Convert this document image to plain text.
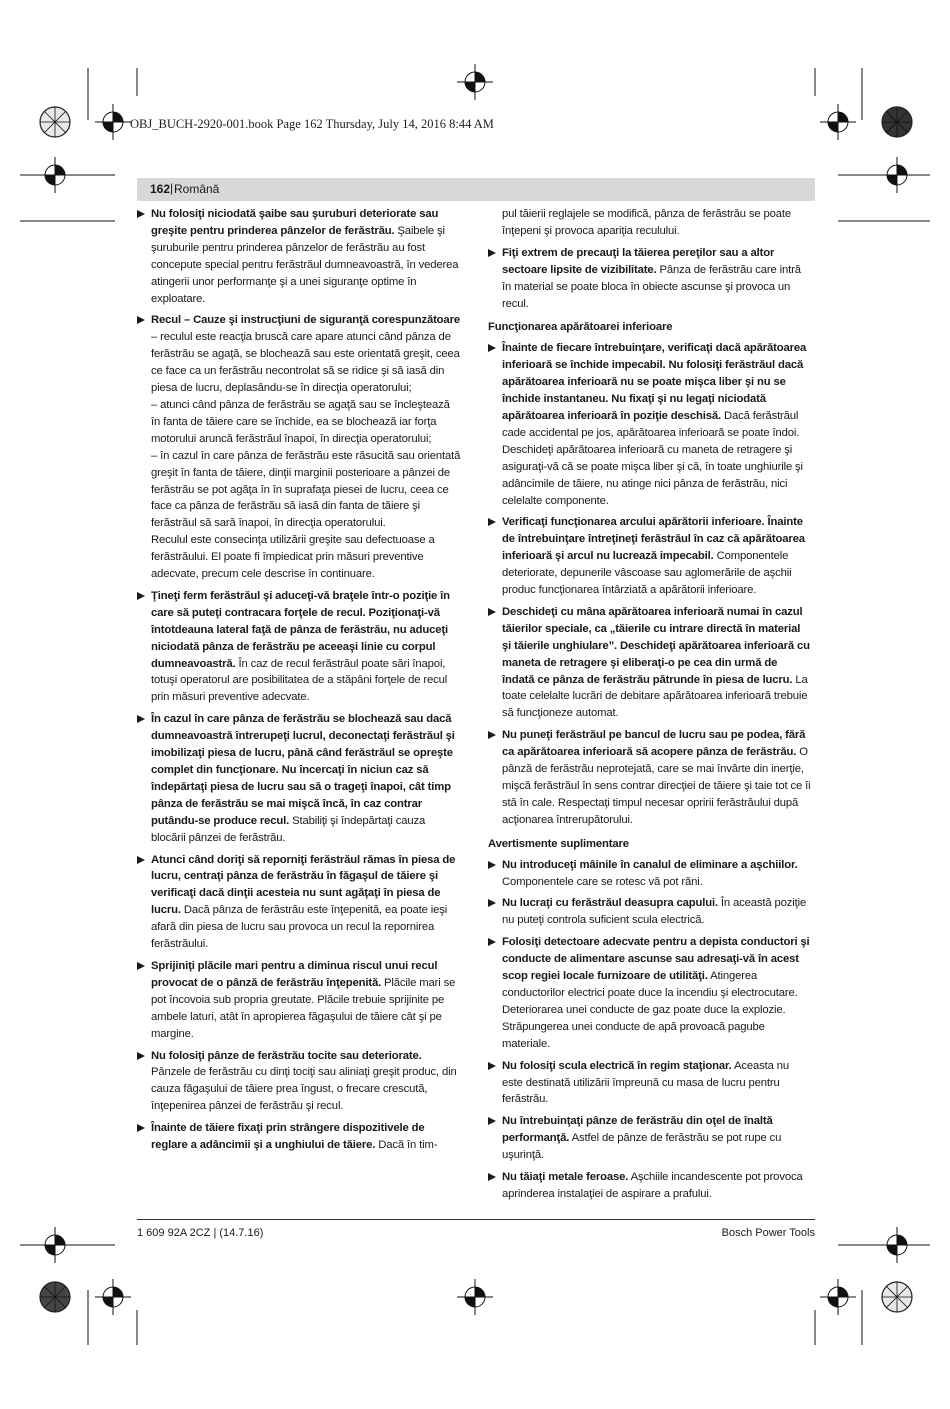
OBJ_BUCH-2920-001.book Page 162 Thursday, July 14, 2016 8:44 AM
162 | Română

Nu folosiţi niciodată şaibe sau şuruburi deteriorate sau greşite pentru prinderea pânzelor de ferăstrău. Şaibele şi şuruburile pentru prinderea pânzelor de ferăstrău au fost concepute special pentru ferăstrăul dumneavoastră, în vederea atingerii unor performanţe şi a unei siguranţe optime în exploatare.

Recul – Cauze şi instrucţiuni de siguranţă corespunzătoare

– reculul este reacţia bruscă care apare atunci când pânza de ferăstrău se agaţă, se blochează sau este orientată greşit, ceea ce face ca un ferăstrău necontrolat să se ridice şi să iasă din piesa de lucru, deplasându-se în direcţia operatorului;

– atunci când pânza de ferăstrău se agaţă sau se încleştează în fanta de tăiere care se închide, ea se blochează iar forţa motorului aruncă ferăstrăul înapoi, în direcţia operatorului;

– în cazul în care pânza de ferăstrău este răsucită sau orientată greşit în fanta de tăiere, dinţii marginii posterioare a pânzei de ferăstrău se pot agăţa în în suprafaţa piesei de lucru, ceea ce face ca pânza de ferăstrău să iasă din fanta de tăiere şi ferăstrăul să sară înapoi, în direcţia operatorului.

Reculul este consecinţa utilizării greşite sau defectuoase a ferăstrăului. El poate fi împiedicat prin măsuri preventive adecvate, precum cele descrise în continuare.

Ţineţi ferm ferăstrăul şi aduceţi-vă braţele într-o poziţie în care să puteţi contracara forţele de recul. Poziţionaţi-vă întotdeauna lateral faţă de pânza de ferăstrău, nu aduceţi niciodată pânza de ferăstrău pe aceeaşi linie cu corpul dumneavoastră. În caz de recul ferăstrăul poate sări înapoi, totuşi operatorul are posibilitatea de a stăpâni forţele de recul prin măsuri preventive adecvate.

În cazul în care pânza de ferăstrău se blochează sau dacă dumneavoastră întrerupeţi lucrul, deconectaţi ferăstrăul şi imobilizaţi piesa de lucru, până când ferăstrăul se opreşte complet din funcţionare. Nu încercaţi în niciun caz să îndepărtaţi piesa de lucru sau să o trageţi înapoi, cât timp pânza de ferăstrău se mai mişcă încă, în caz contrar putându-se produce recul. Stabiliţi şi îndepărtaţi cauza blocării pânzei de ferăstrău.

Atunci când doriţi să reporniţi ferăstrăul rămas în piesa de lucru, centraţi pânza de ferăstrău în făgaşul de tăiere şi verificaţi dacă dinţii acesteia nu sunt agăţaţi în piesa de lucru. Dacă pânza de ferăstrău este înţepenită, ea poate ieşi afară din piesa de lucru sau provoca un recul la repornirea ferăstrăului.

Sprijiniţi plăcile mari pentru a diminua riscul unui recul provocat de o pânză de ferăstrău înţepenită. Plăcile mari se pot încovoia sub propria greutate. Plăcile trebuie sprijinite pe ambele laturi, atât în apropierea făgaşului de tăiere cât şi pe margine.

Nu folosiţi pânze de ferăstrău tocite sau deteriorate. Pânzele de ferăstrău cu dinţi tociţi sau aliniaţi greşit produc, din cauza făgaşului de tăiere prea îngust, o frecare crescută, înţepenirea pânzei de ferăstrău şi recul.

Înainte de tăiere fixaţi prin strângere dispozitivele de reglare a adâncimii şi a unghiului de tăiere. Dacă în tim-

pul tăierii reglajele se modifică, pânza de ferăstrău se poate înţepeni şi provoca apariţia reculului.

Fiţi extrem de precauţi la tăierea pereţilor sau a altor sectoare lipsite de vizibilitate. Pânza de ferăstrău care intră în material se poate bloca în obiecte ascunse şi provoca un recul.

Funcţionarea apărătoarei inferioare

Înainte de fiecare întrebuinţare, verificaţi dacă apărătoarea inferioară se închide impecabil. Nu folosiţi ferăstrăul dacă apărătoarea inferioară nu se poate mişca liber şi nu se închide instantaneu. Nu fixaţi şi nu legaţi niciodată apărătoarea inferioară în poziţie deschisă. Dacă ferăstrăul cade accidental pe jos, apărătoarea inferioară se poate îndoi. Deschideţi apărătoarea inferioară cu maneta de retragere şi asiguraţi-vă că se poate mişca liber şi că, în toate unghiurile şi adâncimile de tăiere, nu atinge nici pânza de ferăstrău, nici celelalte componente.

Verificaţi funcţionarea arcului apărătorii inferioare. Înainte de întrebuinţare întreţineţi ferăstrăul în caz că apărătoarea inferioară şi arcul nu lucrează impecabil. Componentele deteriorate, depunerile vâscoase sau aglomerările de aşchii produc funcţionarea întârziată a apărătorii inferioare.

Deschideţi cu mâna apărătoarea inferioară numai în cazul tăierilor speciale, ca „tăierile cu intrare directă în material şi tăierile unghiulare”. Deschideţi apărătoarea inferioară cu maneta de retragere şi eliberaţi-o pe cea din urmă de îndată ce pânza de ferăstrău pătrunde în piesa de lucru. La toate celelalte lucrări de debitare apărătoarea inferioară trebuie să funcţioneze automat.

Nu puneţi ferăstrăul pe bancul de lucru sau pe podea, fără ca apărătoarea inferioară să acopere pânza de ferăstrău. O pânză de ferăstrău neprotejată, care se mai învârte din inerţie, mişcă ferăstrăul în sens contrar direcţiei de tăiere şi taie tot ce îi stă în cale. Respectaţi timpul necesar opririi ferăstrăului după acţionarea întrerupătorului.

Avertismente suplimentare

Nu introduceţi mâinile în canalul de eliminare a aşchiilor. Componentele care se rotesc vă pot răni.

Nu lucraţi cu ferăstrăul deasupra capului. În această poziţie nu puteţi controla suficient scula electrică.

Folosiţi detectoare adecvate pentru a depista conductori şi conducte de alimentare ascunse sau adresaţi-vă în acest scop regiei locale furnizoare de utilităţi. Atingerea conductorilor electrici poate duce la incendiu şi electrocutare. Deteriorarea unei conducte de gaz poate duce la explozie. Străpungerea unei conducte de apă provoacă pagube materiale.

Nu folosiţi scula electrică în regim staţionar. Aceasta nu este destinată utilizării împreună cu masa de lucru pentru ferăstrău.

Nu întrebuinţaţi pânze de ferăstrău din oţel de înaltă performanţă. Astfel de pânze de ferăstrău se pot rupe cu uşurinţă.

Nu tăiaţi metale feroase. Aşchiile incandescente pot provoca aprinderea instalaţiei de aspirare a prafului.

1 609 92A 2CZ | (14.7.16)	Bosch Power Tools
